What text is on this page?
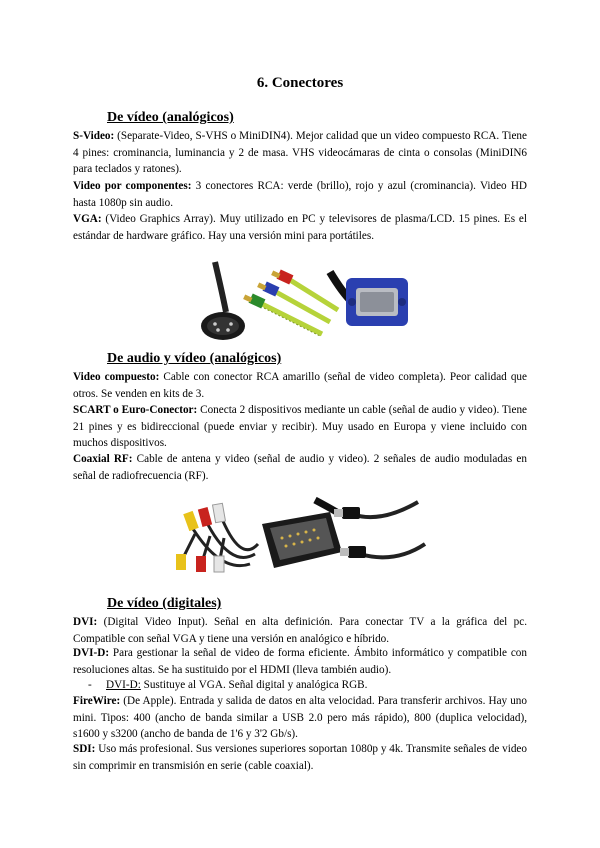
6. Conectores
De vídeo (analógicos)
S-Video: (Separate-Video, S-VHS o MiniDIN4). Mejor calidad que un video compuesto RCA. Tiene 4 pines: crominancia, luminancia y 2 de masa. VHS videocámaras de cinta o consolas (MiniDIN6 para teclados y ratones).
Video por componentes: 3 conectores RCA: verde (brillo), rojo y azul (crominancia). Video HD hasta 1080p sin audio.
VGA: (Video Graphics Array). Muy utilizado en PC y televisores de plasma/LCD. 15 pines. Es el estándar de hardware gráfico. Hay una versión mini para portátiles.
De audio y vídeo (analógicos)
Video compuesto: Cable con conector RCA amarillo (señal de video completa). Peor calidad que otros. Se venden en kits de 3.
SCART o Euro-Conector: Conecta 2 dispositivos mediante un cable (señal de audio y video). Tiene 21 pines y es bidireccional (puede enviar y recibir). Muy usado en Europa y viene incluido con muchos dispositivos.
Coaxial RF: Cable de antena y video (señal de audio y video). 2 señales de audio moduladas en señal de radiofrecuencia (RF).
De vídeo (digitales)
DVI: (Digital Video Input). Señal en alta definición. Para conectar TV a la gráfica del pc. Compatible con señal VGA y tiene una versión en analógico e híbrido.
DVI-D: Para gestionar la señal de video de forma eficiente. Ámbito informático y compatible con resoluciones altas. Se ha sustituido por el HDMI (lleva también audio).
- DVI-D: Sustituye al VGA. Señal digital y analógica RGB.
FireWire: (De Apple). Entrada y salida de datos en alta velocidad. Para transferir archivos. Hay uno mini. Tipos: 400 (ancho de banda similar a USB 2.0 pero más rápido), 800 (duplica velocidad), s1600 y s3200 (ancho de banda de 1'6 y 3'2 Gb/s).
SDI: Uso más profesional. Sus versiones superiores soportan 1080p y 4k. Transmite señales de video sin comprimir en transmisión en serie (cable coaxial).
